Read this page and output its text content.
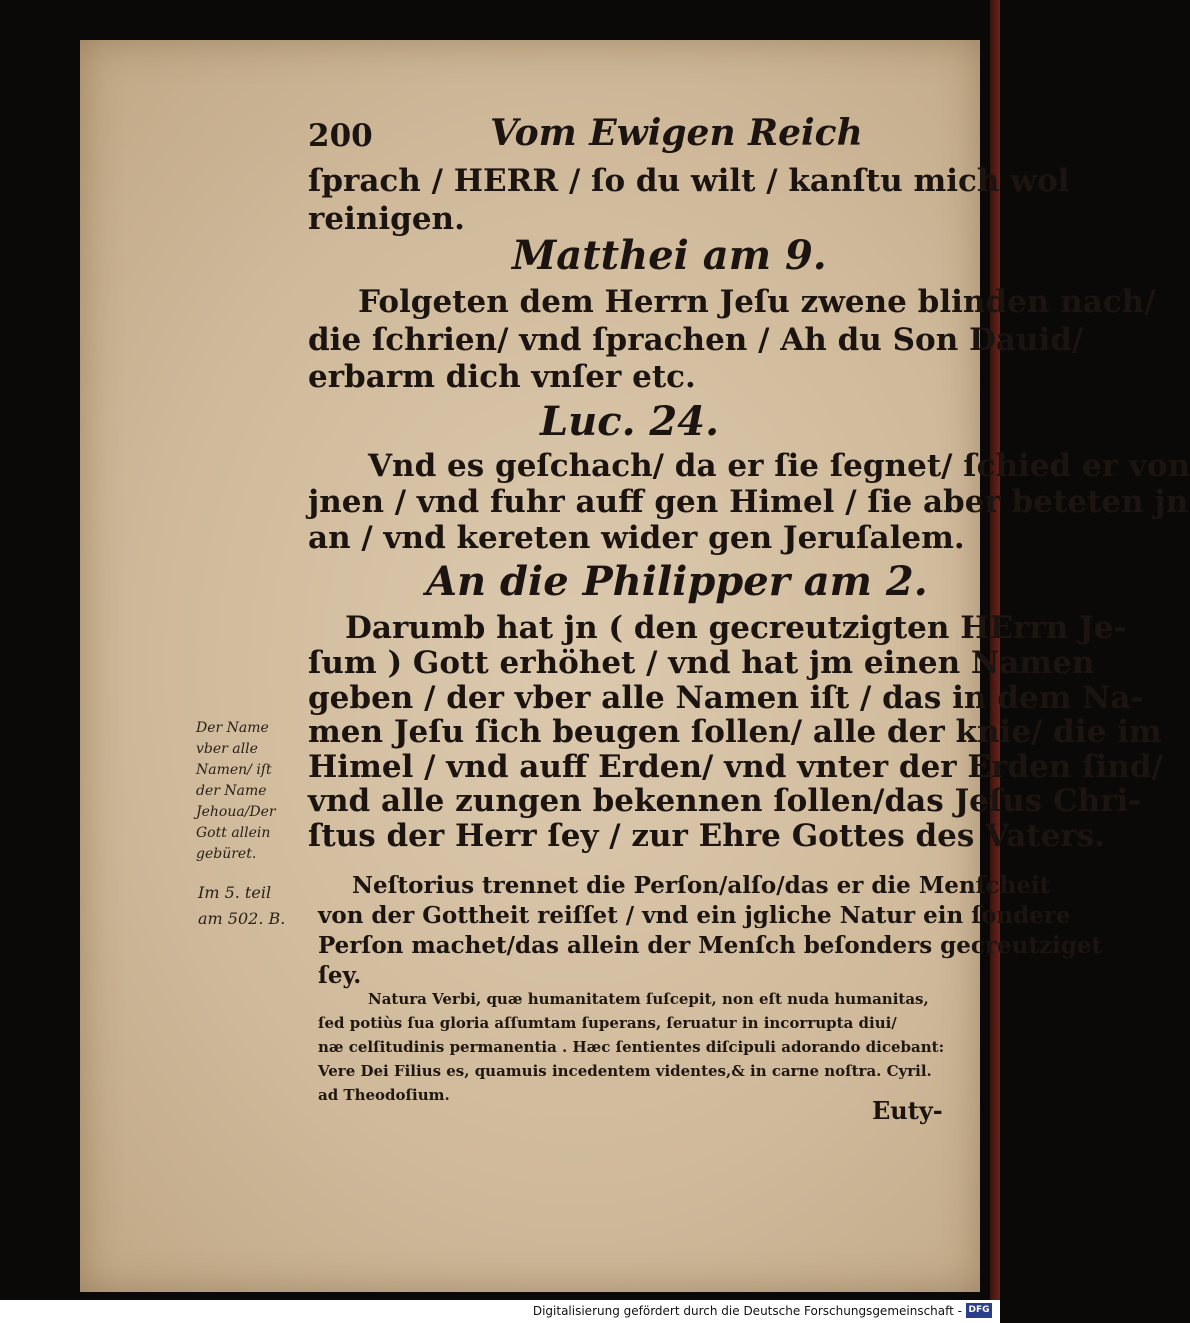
200	Vom Ewigen Reich
ſprach / HERR / ſo du wilt / kanſtu mich wol
reinigen.
Matthei am 9.
Folgeten dem Herrn Jeſu zwene blinden nach/
die ſchrien/ vnd ſprachen / Ah du Son Dauid/
erbarm dich vnſer etc.
Luc. 24.
Vnd es geſchach/ da er ſie ſegnet/ ſchied er von
jnen / vnd fuhr auff gen Himel / ſie aber beteten jn
an / vnd kereten wider gen Jeruſalem.
An die Philipper am 2.
Darumb hat jn ( den gecreutzigten HErrn Je-
ſum ) Gott erhöhet / vnd hat jm einen Namen
geben / der vber alle Namen iſt / das in dem Na-
men Jeſu ſich beugen ſollen/ alle der knie/ die im
Himel / vnd auff Erden/ vnd vnter der Erden ſind/
vnd alle zungen bekennen ſollen/das Jeſus Chri-
ſtus der Herr ſey / zur Ehre Gottes des Vaters.
Der Name
vber alle
Namen/ iſt
der Name
Jehoua/Der
Gott allein
gebüret.
Im 5. teil
am 502. B.
Neſtorius trennet die Perſon/alſo/das er die Menſcheit
von der Gottheit reiſſet / vnd ein jgliche Natur ein ſondere
Perſon machet/das allein der Menſch beſonders gecreutziget
ſey.
Natura Verbi, quæ humanitatem ſuſcepit, non eſt nuda humanitas,
ſed potiùs ſua gloria aſſumtam ſuperans, ſeruatur in incorrupta diui/
næ celſitudinis permanentia . Hæc ſentientes diſcipuli adorando dicebant:
Vere Dei Filius es, quamuis incedentem videntes,& in carne noſtra. Cyril.
ad Theodoſium.
Euty-
Digitalisierung gefördert durch die Deutsche Forschungsgemeinschaft - DFG
